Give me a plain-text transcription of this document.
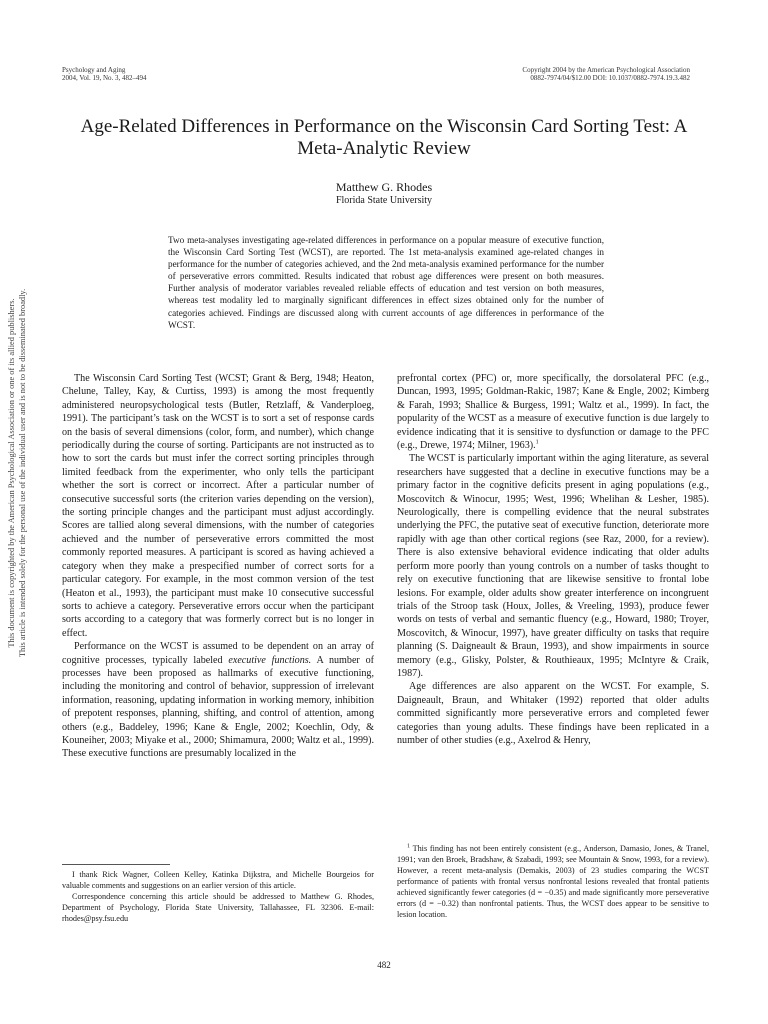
Psychology and Aging
2004, Vol. 19, No. 3, 482–494
Copyright 2004 by the American Psychological Association
0882-7974/04/$12.00 DOI: 10.1037/0882-7974.19.3.482
Age-Related Differences in Performance on the Wisconsin Card Sorting Test: A Meta-Analytic Review
Matthew G. Rhodes
Florida State University
Two meta-analyses investigating age-related differences in performance on a popular measure of executive function, the Wisconsin Card Sorting Test (WCST), are reported. The 1st meta-analysis examined age-related changes in performance for the number of categories achieved, and the 2nd meta-analysis examined performance for the number of perseverative errors committed. Results indicated that robust age differences were present on both measures. Further analysis of moderator variables revealed reliable effects of education and test version on both measures, whereas test modality led to marginally significant differences in effect sizes obtained only for the number of categories achieved. Findings are discussed along with current accounts of age differences in performance of the WCST.
This document is copyrighted by the American Psychological Association or one of its allied publishers. This article is intended solely for the personal use of the individual user and is not to be disseminated broadly.	The Wisconsin Card Sorting Test (WCST; Grant & Berg, 1948; Heaton, Chelune, Talley, Kay, & Curtiss, 1993) is among the most frequently administered neuropsychological tests (Butler, Retzlaff, & Vanderploeg, 1991). The participant’s task on the WCST is to sort a set of response cards on the basis of several dimensions (color, form, and number), which change periodically during the course of sorting. Participants are not instructed as to how to sort the cards but must infer the correct sorting principles through limited feedback from the experimenter, who only tells the participant whether the sort is correct or incorrect. After a particular number of consecutive successful sorts (the criterion varies depending on the version), the sorting principle changes and the participant must adjust accordingly. Scores are tallied along several dimensions, with the number of categories achieved and the number of perseverative errors committed the most commonly reported measures. A participant is scored as having achieved a category when they make a prespecified number of correct sorts for a particular category. For example, in the most common version of the test (Heaton et al., 1993), the participant must make 10 consecutive successful sorts to achieve a category. Perseverative errors occur when the participant sorts according to a category that was formerly correct but is no longer in effect.

Performance on the WCST is assumed to be dependent on an array of cognitive processes, typically labeled executive functions. A number of processes have been proposed as hallmarks of executive functioning, including the monitoring and control of behavior, suppression of irrelevant information, reasoning, updating information in working memory, inhibition of prepotent responses, planning, shifting, and control of attention, among others (e.g., Baddeley, 1996; Kane & Engle, 2002; Koechlin, Ody, & Kouneiher, 2003; Miyake et al., 2000; Shimamura, 2000; Waltz et al., 1999). These executive functions are presumably localized in the

prefrontal cortex (PFC) or, more specifically, the dorsolateral PFC (e.g., Duncan, 1993, 1995; Goldman-Rakic, 1987; Kane & Engle, 2002; Kimberg & Farah, 1993; Shallice & Burgess, 1991; Waltz et al., 1999). In fact, the popularity of the WCST as a measure of executive function is due largely to evidence indicating that it is sensitive to dysfunction or damage to the PFC (e.g., Drewe, 1974; Milner, 1963).$^1$

The WCST is particularly important within the aging literature, as several researchers have suggested that a decline in executive functions may be a primary factor in the cognitive deficits present in aging populations (e.g., Moscovitch & Winocur, 1995; West, 1996; Whelihan & Lesher, 1985). Neurologically, there is compelling evidence that the neural substrates underlying the PFC, the putative seat of executive function, deteriorate more rapidly with age than other cortical regions (see Raz, 2000, for a review). There is also extensive behavioral evidence indicating that older adults perform more poorly than young controls on a number of tasks thought to rely on executive functioning that are likewise sensitive to frontal lobe lesions. For example, older adults show greater interference on incongruent trials of the Stroop task (Houx, Jolles, & Vreeling, 1993), produce fewer words on tests of verbal and semantic fluency (e.g., Howard, 1980; Troyer, Moscovitch, & Winocur, 1997), have greater difficulty on tasks that require planning (S. Daigneault & Braun, 1993), and show impairments in source memory (e.g., Glisky, Polster, & Routhieaux, 1995; McIntyre & Craik, 1987).

Age differences are also apparent on the WCST. For example, S. Daigneault, Braun, and Whitaker (1992) reported that older adults committed significantly more perseverative errors and completed fewer categories than young adults. These findings have been replicated in a number of other studies (e.g., Axelrod & Henry,

I thank Rick Wagner, Colleen Kelley, Katinka Dijkstra, and Michelle Bourgeios for valuable comments and suggestions on an earlier version of this article.

Correspondence concerning this article should be addressed to Matthew G. Rhodes, Department of Psychology, Florida State University, Tallahassee, FL 32306. E-mail: rhodes@psy.fsu.edu

$^1$ This finding has not been entirely consistent (e.g., Anderson, Damasio, Jones, & Tranel, 1991; van den Broek, Bradshaw, & Szabadi, 1993; see Mountain & Snow, 1993, for a review). However, a recent meta-analysis (Demakis, 2003) of 23 studies comparing the WCST performance of patients with frontal versus nonfrontal lesions revealed that frontal patients achieved significantly fewer categories (d = −0.35) and made significantly more perseverative errors (d = −0.32) than nonfrontal patients. Thus, the WCST does appear to be sensitive to lesion location.

482
